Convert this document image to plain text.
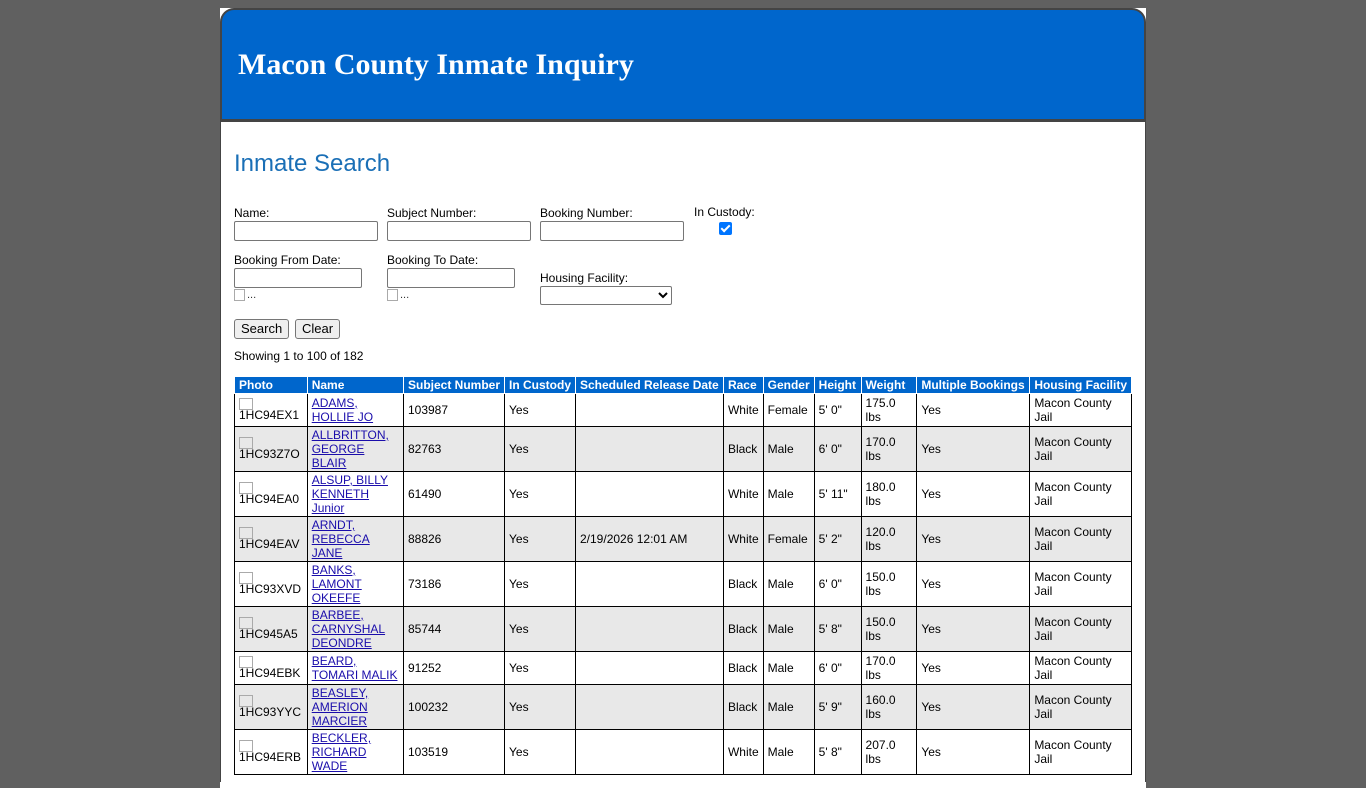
Macon County Inmate Inquiry
Inmate Search
Name:	Subject Number:	Booking Number:	In Custody:
Booking From Date:
...
Booking To Date:
...
Housing Facility:
Search	Clear
Showing 1 to 100 of 182
Photo	Name	Subject Number	In Custody	Scheduled Release Date	Race	Gender	Height	Weight	Multiple Bookings	Housing Facility

1HC94EX1	ADAMS, HOLLIE JO	103987	Yes		White	Female	5' 0"	175.0 lbs	Yes	Macon County Jail

1HC93Z7O	ALLBRITTON, GEORGE BLAIR	82763	Yes		Black	Male	6' 0"	170.0 lbs	Yes	Macon County Jail

1HC94EA0	ALSUP, BILLY KENNETH Junior	61490	Yes		White	Male	5' 11"	180.0 lbs	Yes	Macon County Jail

1HC94EAV	ARNDT, REBECCA JANE	88826	Yes	2/19/2026 12:01 AM	White	Female	5' 2"	120.0 lbs	Yes	Macon County Jail

1HC93XVD	BANKS, LAMONT OKEEFE	73186	Yes		Black	Male	6' 0"	150.0 lbs	Yes	Macon County Jail

1HC945A5	BARBEE, CARNYSHAL DEONDRE	85744	Yes		Black	Male	5' 8"	150.0 lbs	Yes	Macon County Jail

1HC94EBK	BEARD, TOMARI MALIK	91252	Yes		Black	Male	6' 0"	170.0 lbs	Yes	Macon County Jail

1HC93YYC	BEASLEY, AMERION MARCIER	100232	Yes		Black	Male	5' 9"	160.0 lbs	Yes	Macon County Jail

1HC94ERB	BECKLER, RICHARD WADE	103519	Yes		White	Male	5' 8"	207.0 lbs	Yes	Macon County Jail
